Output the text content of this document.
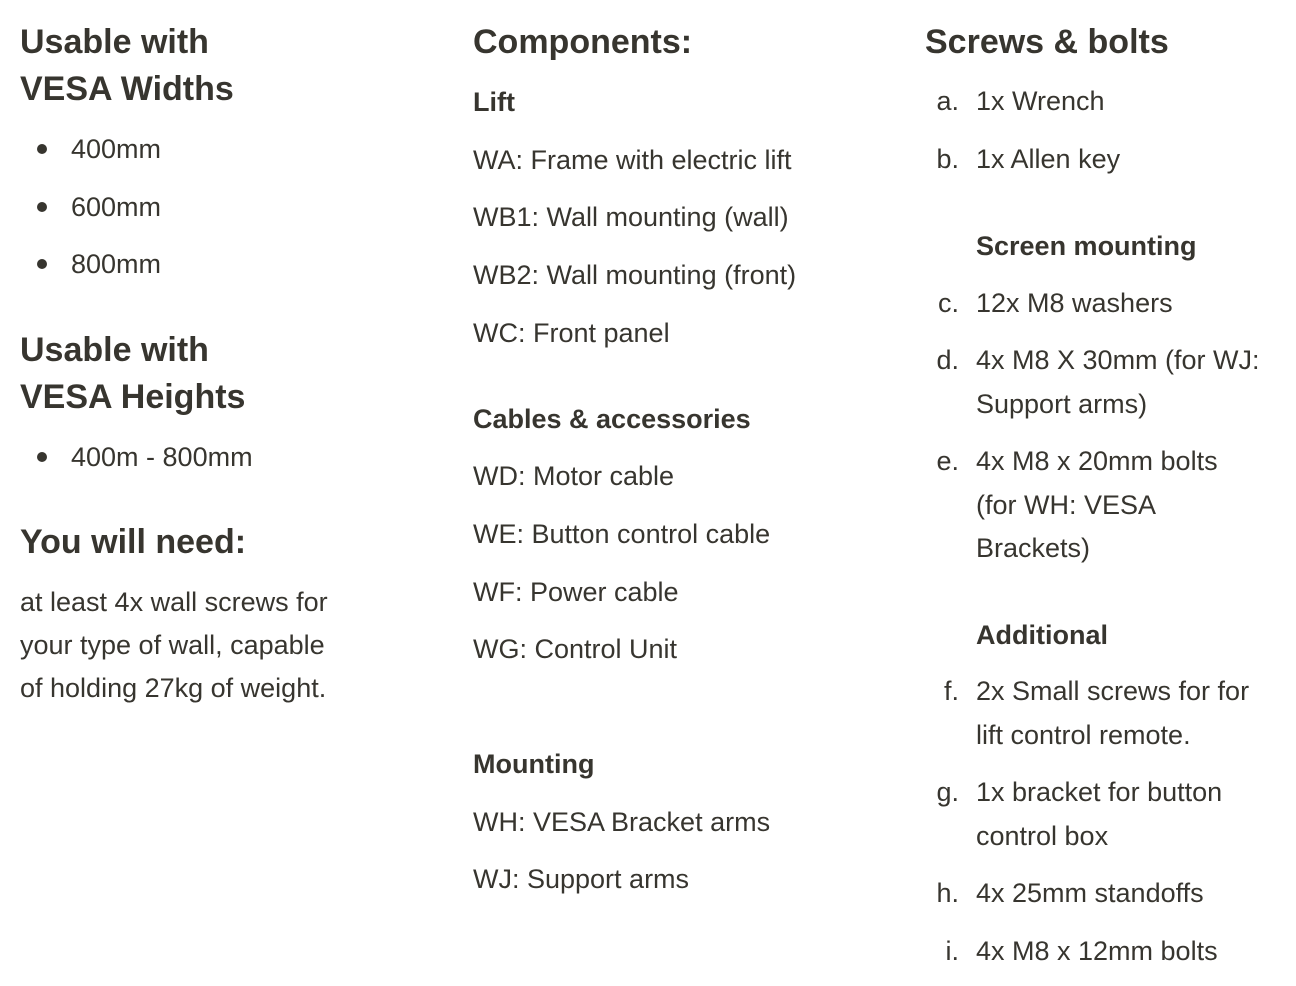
Usable with
VESA Widths
400mm
600mm
800mm
Usable with
VESA Heights
400m - 800mm
You will need:
at least 4x wall screws for
your type of wall, capable
of holding 27kg of weight.
Components:
Lift
WA: Frame with electric lift
WB1: Wall mounting (wall)
WB2: Wall mounting (front)
WC: Front panel
Cables & accessories
WD: Motor cable
WE: Button control cable
WF: Power cable
WG: Control Unit
Mounting
WH: VESA Bracket arms
WJ: Support arms
Screws & bolts
a. 1x Wrench
b. 1x Allen key
Screen mounting
c. 12x M8 washers
d. 4x M8 X 30mm (for WJ:
Support arms)
e. 4x M8 x 20mm bolts
(for WH: VESA
Brackets)
Additional
f. 2x Small screws for for
lift control remote.
g. 1x bracket for button
control box
h. 4x 25mm standoffs
i. 4x M8 x 12mm bolts
